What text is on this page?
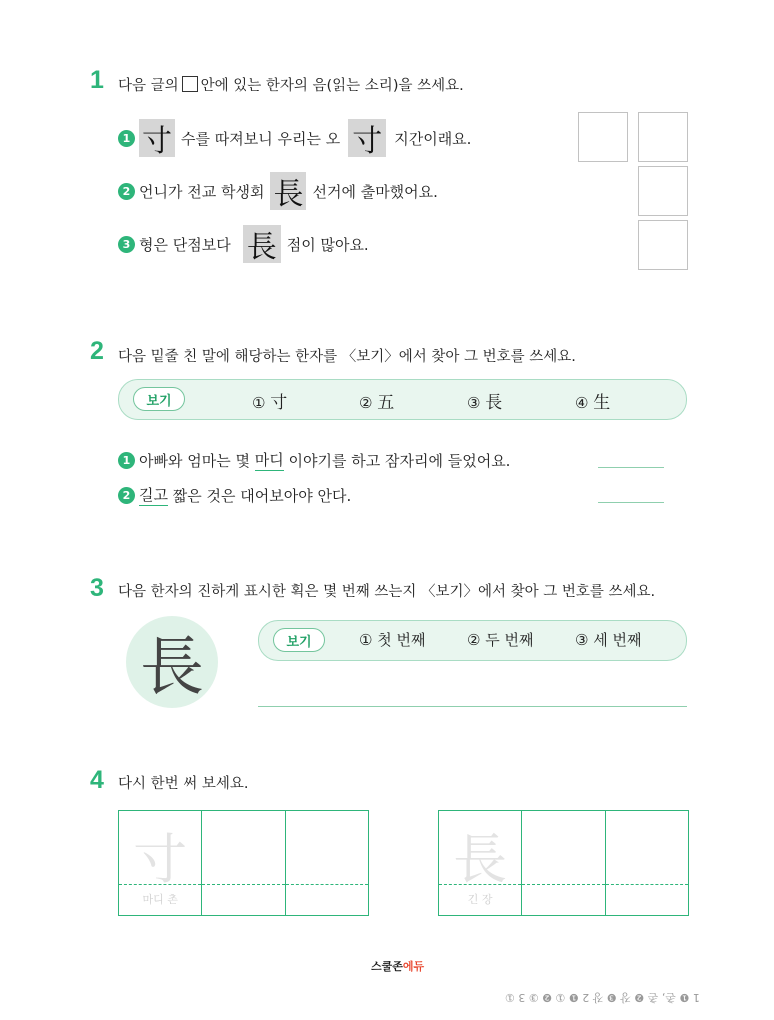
1 다음 글의 안에 있는 한자의 음(읽는 소리)을 쓰세요.
1 寸 수를 따져보니 우리는 오 寸 지간이래요.
2 언니가 전교 학생회 長 선거에 출마했어요.
3 형은 단점보다 長 점이 많아요.
2 다음 밑줄 친 말에 해당하는 한자를 〈보기〉에서 찾아 그 번호를 쓰세요.
보기	① 寸	② 五	③ 長	④ 生
1 아빠와 엄마는 몇
마디
이야기를 하고 잠자리에 들었어요.
2 길고
짧은 것은 대어보아야 안다.
3 다음 한자의 진하게 표시한 획은 몇 번째 쓰는지 〈보기〉에서 찾아 그 번호를 쓰세요.
長	보기	① 첫 번째	② 두 번째	③ 세 번째
4 다시 한번 써 보세요.
寸
마디 촌
長
긴 장
스쿨존에듀
1 ❶ 촌, 촌 ❷ 장 ❸ 장 2 ❶ ① ❷ ③ 3 ①
